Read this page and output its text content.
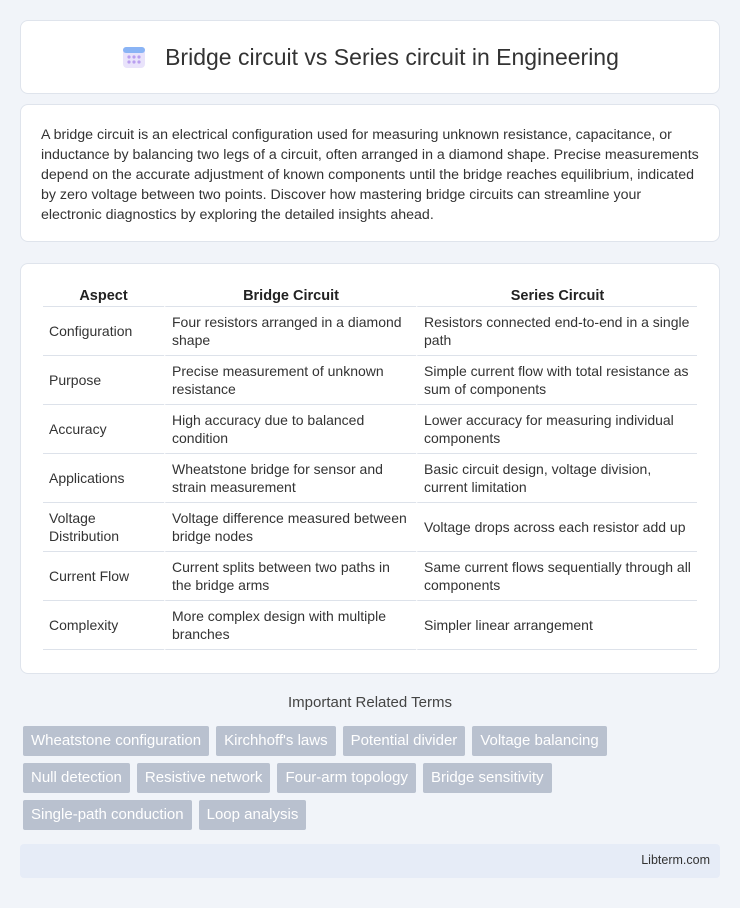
Bridge circuit vs Series circuit in Engineering

A bridge circuit is an electrical configuration used for measuring unknown resistance, capacitance, or inductance by balancing two legs of a circuit, often arranged in a diamond shape. Precise measurements depend on the accurate adjustment of known components until the bridge reaches equilibrium, indicated by zero voltage between two points. Discover how mastering bridge circuits can streamline your electronic diagnostics by exploring the detailed insights ahead.

Aspect	Bridge Circuit	Series Circuit
Configuration	Four resistors arranged in a diamond shape	Resistors connected end-to-end in a single path
Purpose	Precise measurement of unknown resistance	Simple current flow with total resistance as sum of components
Accuracy	High accuracy due to balanced condition	Lower accuracy for measuring individual components
Applications	Wheatstone bridge for sensor and strain measurement	Basic circuit design, voltage division, current limitation
Voltage Distribution	Voltage difference measured between bridge nodes	Voltage drops across each resistor add up
Current Flow	Current splits between two paths in the bridge arms	Same current flows sequentially through all components
Complexity	More complex design with multiple branches	Simpler linear arrangement
Important Related Terms
Wheatstone configuration	Kirchhoff's laws	Potential divider	Voltage balancing
Null detection	Resistive network	Four-arm topology	Bridge sensitivity
Single-path conduction	Loop analysis
Libterm.com
